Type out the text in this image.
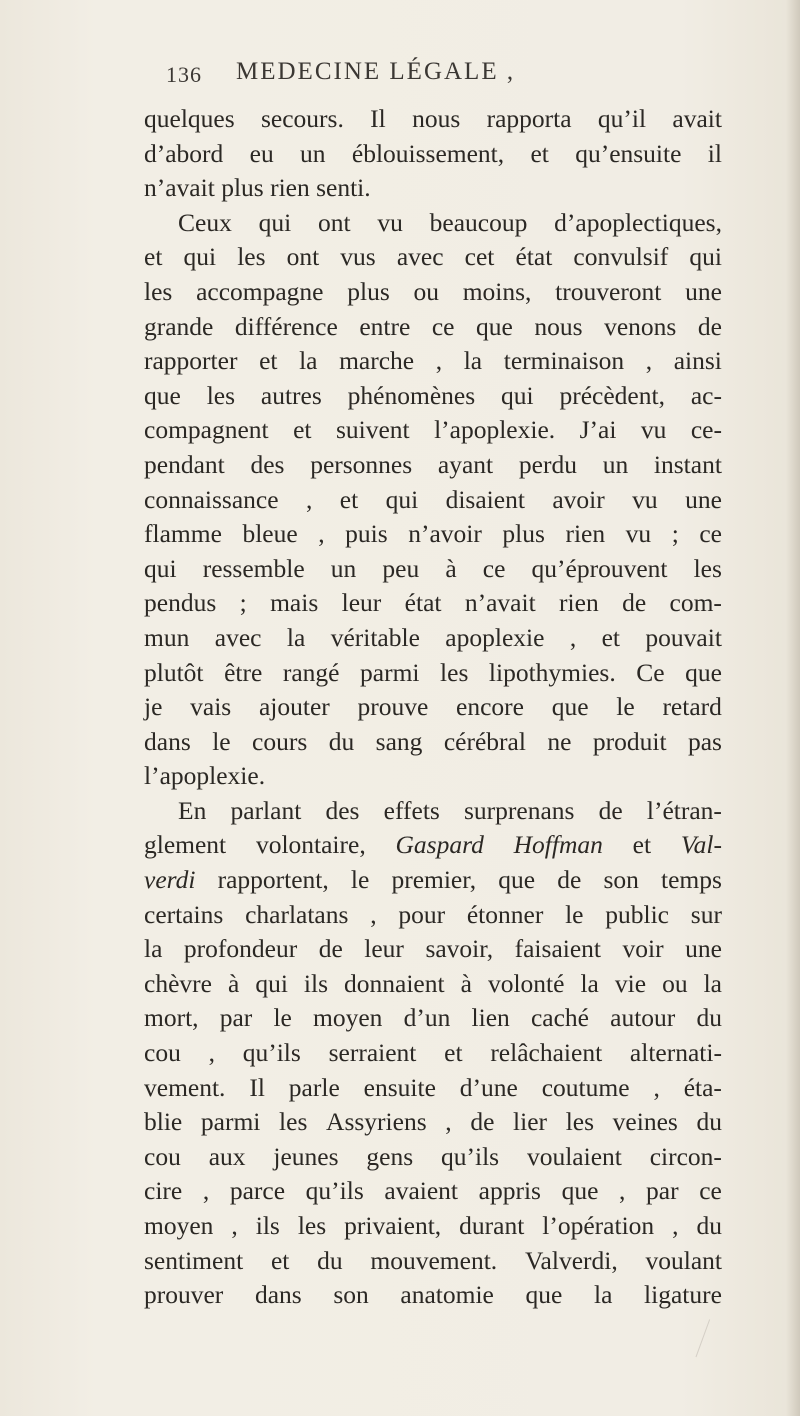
136 MEDECINE LÉGALE ,
quelques secours. Il nous rapporta qu’il avait
d’abord eu un éblouissement, et qu’ensuite il
n’avait plus rien senti.
Ceux qui ont vu beaucoup d’apoplectiques,
et qui les ont vus avec cet état convulsif qui
les accompagne plus ou moins, trouveront une
grande différence entre ce que nous venons de
rapporter et la marche , la terminaison , ainsi
que les autres phénomènes qui précèdent, ac-
compagnent et suivent l’apoplexie. J’ai vu ce-
pendant des personnes ayant perdu un instant
connaissance , et qui disaient avoir vu une
flamme bleue , puis n’avoir plus rien vu ; ce
qui ressemble un peu à ce qu’éprouvent les
pendus ; mais leur état n’avait rien de com-
mun avec la véritable apoplexie , et pouvait
plutôt être rangé parmi les lipothymies. Ce que
je vais ajouter prouve encore que le retard
dans le cours du sang cérébral ne produit pas
l’apoplexie.
En parlant des effets surprenans de l’étran-
glement volontaire, Gaspard Hoffman et Val-
verdi rapportent, le premier, que de son temps
certains charlatans , pour étonner le public sur
la profondeur de leur savoir, faisaient voir une
chèvre à qui ils donnaient à volonté la vie ou la
mort, par le moyen d’un lien caché autour du
cou , qu’ils serraient et relâchaient alternati-
vement. Il parle ensuite d’une coutume , éta-
blie parmi les Assyriens , de lier les veines du
cou aux jeunes gens qu’ils voulaient circon-
cire , parce qu’ils avaient appris que , par ce
moyen , ils les privaient, durant l’opération , du
sentiment et du mouvement. Valverdi, voulant
prouver dans son anatomie que la ligature
